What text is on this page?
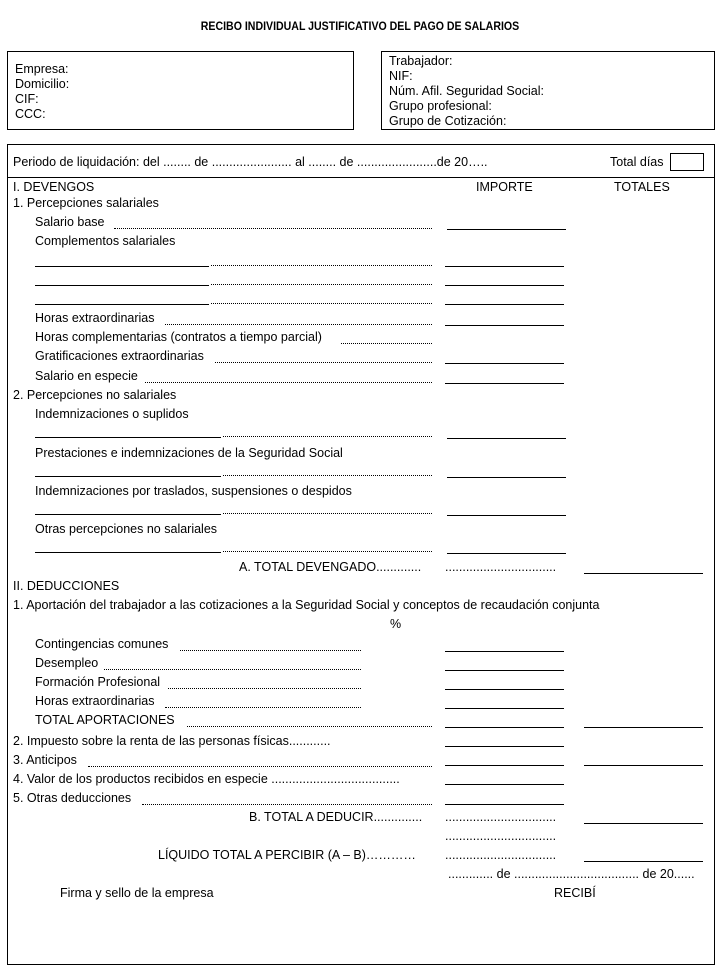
RECIBO INDIVIDUAL JUSTIFICATIVO DEL PAGO DE SALARIOS
Empresa:
Domicilio:
CIF:
CCC:
Trabajador:
NIF:
Núm. Afil. Seguridad Social:
Grupo profesional:
Grupo de Cotización:
Periodo de liquidación: del ........ de ....................... al ........ de .......................de 20…..	Total días
I. DEVENGOS	IMPORTE	TOTALES
1. Percepciones salariales
Salario base
Complementos salariales
Horas extraordinarias
Horas complementarias (contratos a tiempo parcial)
Gratificaciones extraordinarias
Salario en especie
2. Percepciones no salariales
Indemnizaciones o suplidos
Prestaciones e indemnizaciones de la Seguridad Social
Indemnizaciones por traslados, suspensiones o despidos
Otras percepciones no salariales
A. TOTAL DEVENGADO............. ................................
II. DEDUCCIONES
1. Aportación del trabajador a las cotizaciones a la Seguridad Social y conceptos de recaudación conjunta
%
Contingencias comunes
Desempleo
Formación Profesional
Horas extraordinarias
TOTAL APORTACIONES
2. Impuesto sobre la renta de las personas físicas............
3. Anticipos
4. Valor de los productos recibidos en especie .....................................
5. Otras deducciones
B. TOTAL A DEDUCIR.............. ................................
................................
LÍQUIDO TOTAL A PERCIBIR (A – B)………… ................................
............. de .................................... de 20......
Firma y sello de la empresa	RECIBÍ
